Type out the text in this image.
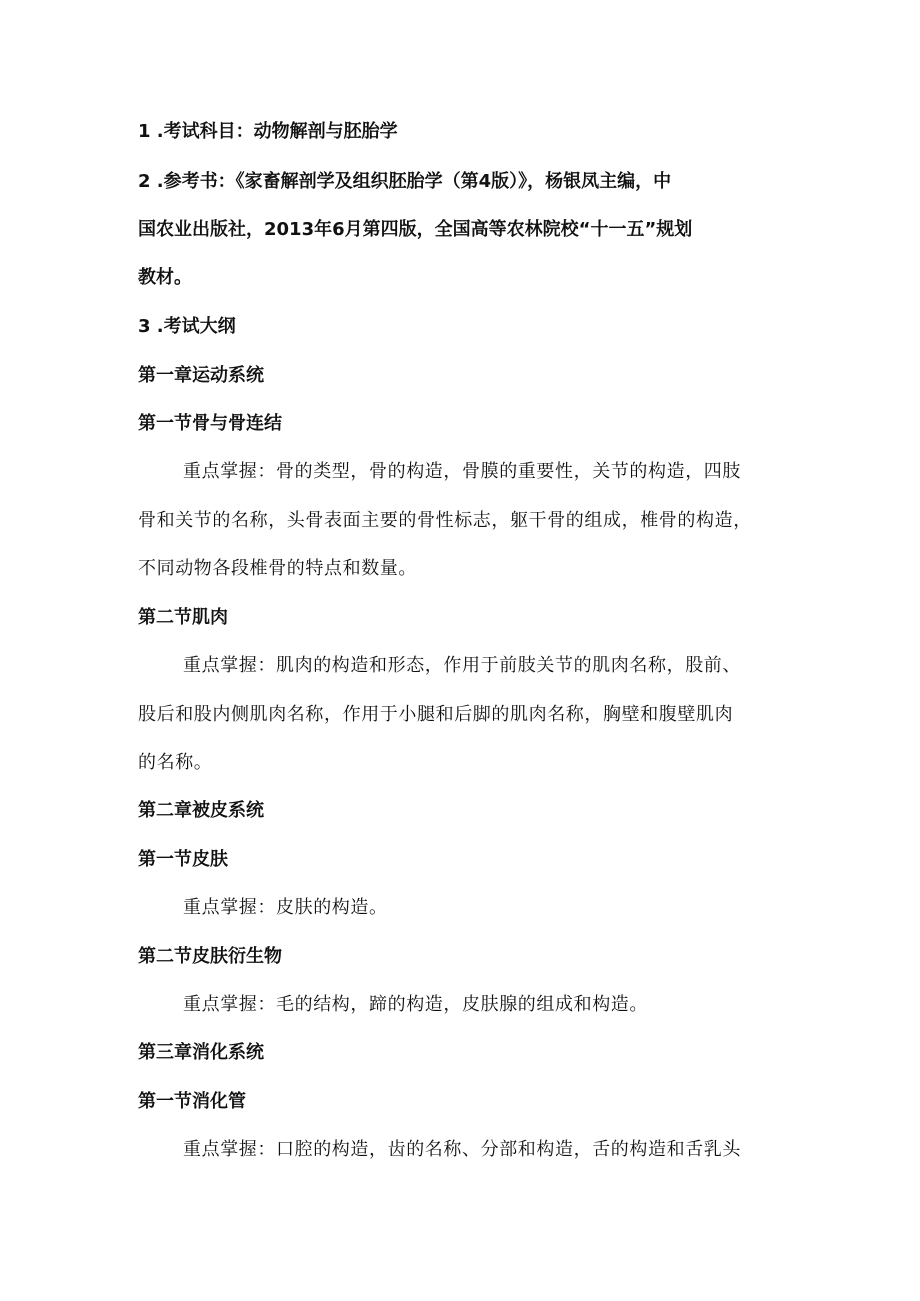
1 .考试科目：动物解剖与胚胎学
2 .参考书：《家畜解剖学及组织胚胎学（第4版）》，杨银凤主编，中
国农业出版社，2013年6月第四版，全国高等农林院校“十一五”规划
教材。
3 .考试大纲
第一章运动系统
第一节骨与骨连结
重点掌握：骨的类型，骨的构造，骨膜的重要性，关节的构造，四肢
骨和关节的名称，头骨表面主要的骨性标志，躯干骨的组成，椎骨的构造，
不同动物各段椎骨的特点和数量。
第二节肌肉
重点掌握：肌肉的构造和形态，作用于前肢关节的肌肉名称，股前、
股后和股内侧肌肉名称，作用于小腿和后脚的肌肉名称，胸壁和腹壁肌肉
的名称。
第二章被皮系统
第一节皮肤
重点掌握：皮肤的构造。
第二节皮肤衍生物
重点掌握：毛的结构，蹄的构造，皮肤腺的组成和构造。
第三章消化系统
第一节消化管
重点掌握：口腔的构造，齿的名称、分部和构造，舌的构造和舌乳头
